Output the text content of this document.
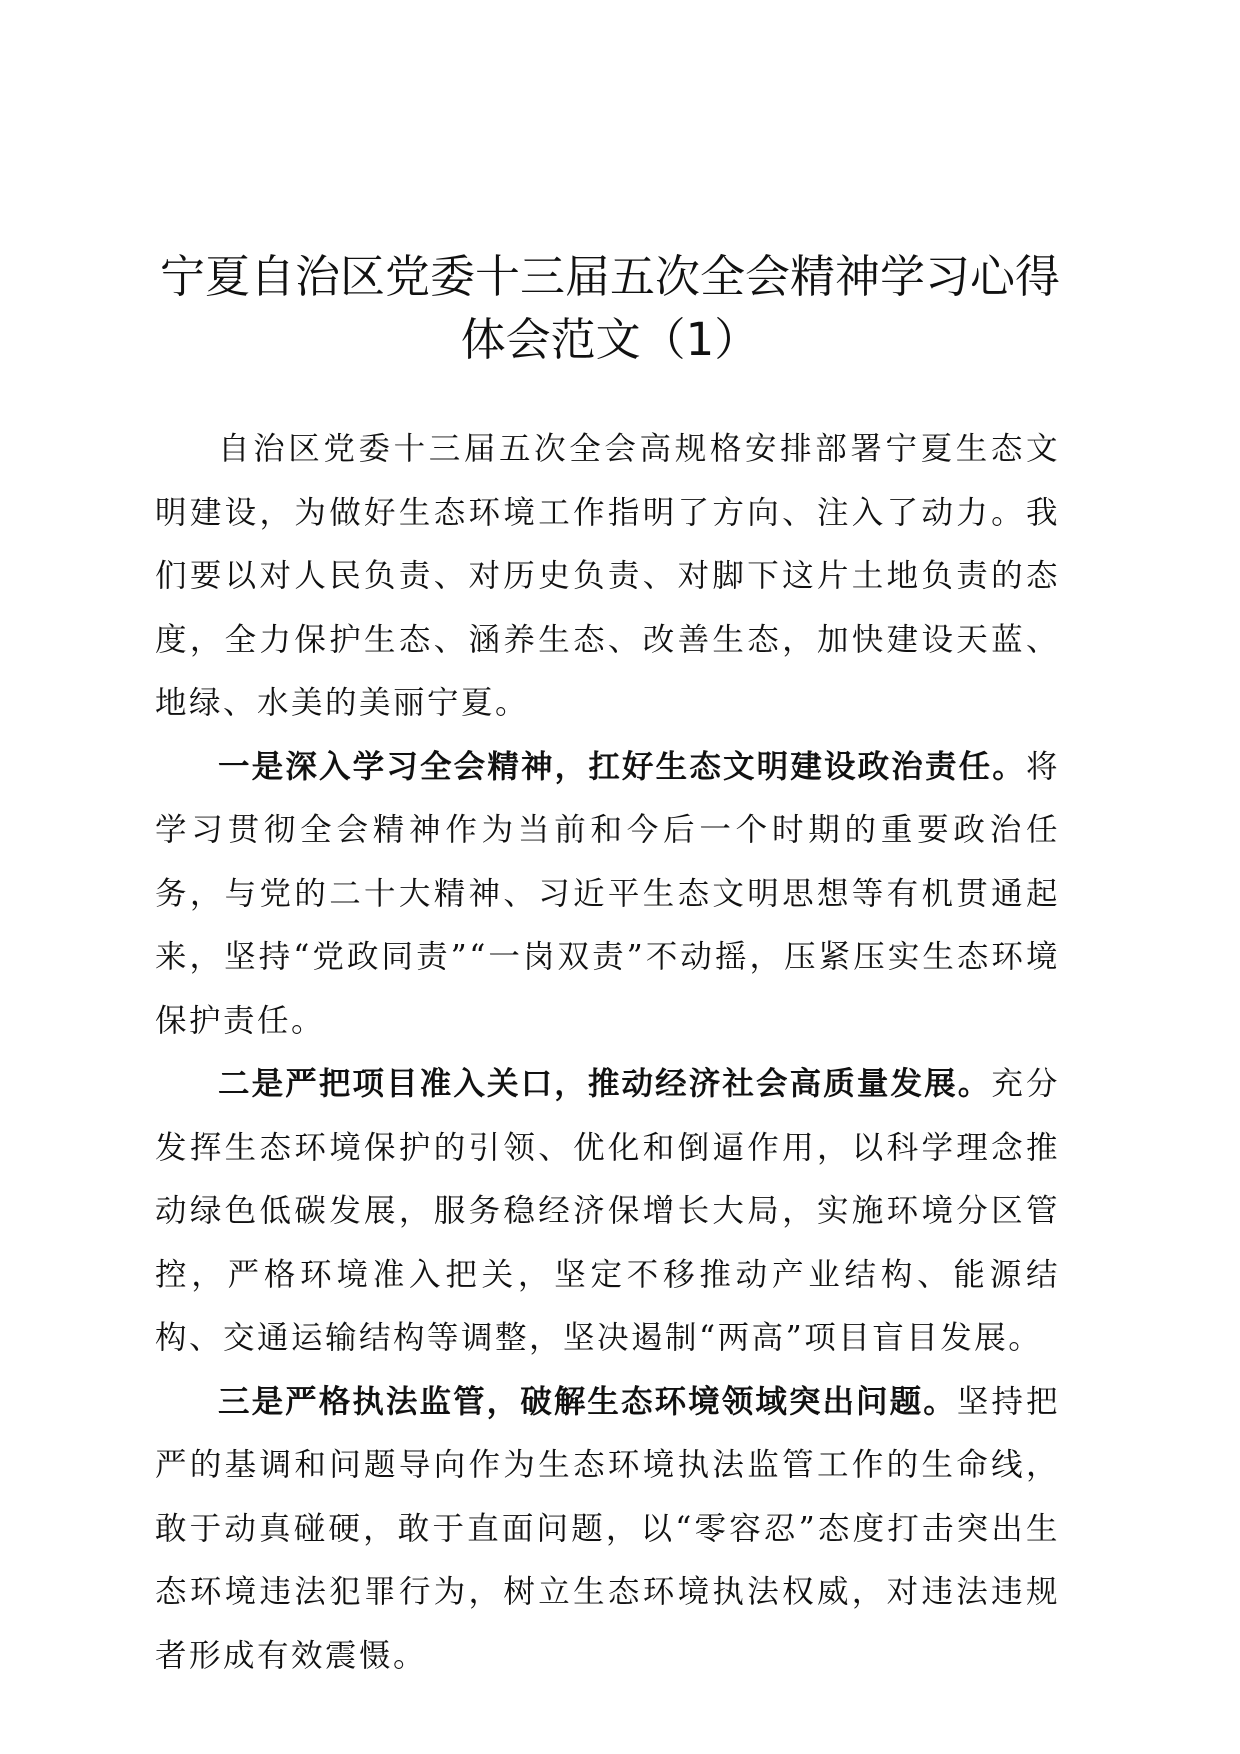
宁夏自治区党委十三届五次全会精神学习心得
体会范文（1）

自治区党委十三届五次全会高规格安排部署宁夏生态文明建设，为做好生态环境工作指明了方向、注入了动力。我们要以对人民负责、对历史负责、对脚下这片土地负责的态度，全力保护生态、涵养生态、改善生态，加快建设天蓝、地绿、水美的美丽宁夏。

一是深入学习全会精神，扛好生态文明建设政治责任。将学习贯彻全会精神作为当前和今后一个时期的重要政治任务，与党的二十大精神、习近平生态文明思想等有机贯通起来，坚持“党政同责”“一岗双责”不动摇，压紧压实生态环境保护责任。

二是严把项目准入关口，推动经济社会高质量发展。充分发挥生态环境保护的引领、优化和倒逼作用，以科学理念推动绿色低碳发展，服务稳经济保增长大局，实施环境分区管控，严格环境准入把关，坚定不移推动产业结构、能源结构、交通运输结构等调整，坚决遏制“两高”项目盲目发展。

三是严格执法监管，破解生态环境领域突出问题。坚持把严的基调和问题导向作为生态环境执法监管工作的生命线，敢于动真碰硬，敢于直面问题，以“零容忍”态度打击突出生态环境违法犯罪行为，树立生态环境执法权威，对违法违规者形成有效震慑。
